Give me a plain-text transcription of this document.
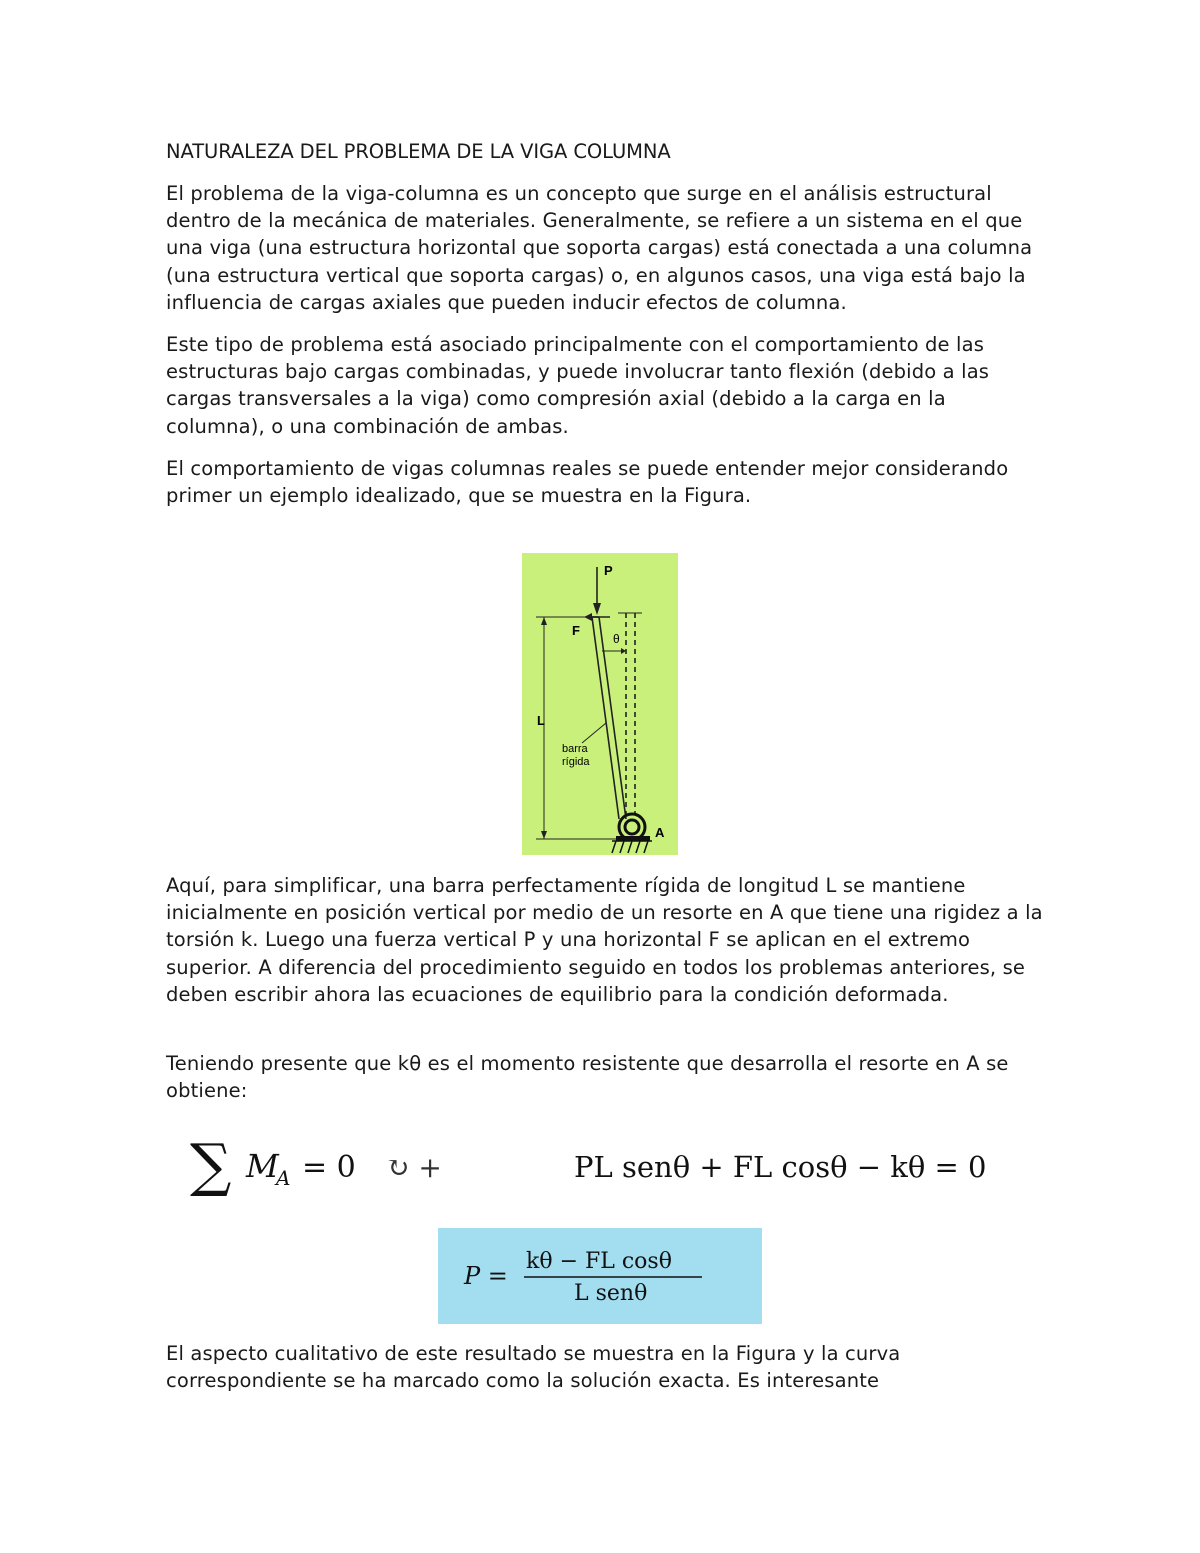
NATURALEZA DEL PROBLEMA DE LA VIGA COLUMNA

El problema de la viga-columna es un concepto que surge en el análisis estructural dentro de la mecánica de materiales. Generalmente, se refiere a un sistema en el que una viga (una estructura horizontal que soporta cargas) está conectada a una columna (una estructura vertical que soporta cargas) o, en algunos casos, una viga está bajo la influencia de cargas axiales que pueden inducir efectos de columna.

Este tipo de problema está asociado principalmente con el comportamiento de las estructuras bajo cargas combinadas, y puede involucrar tanto flexión (debido a las cargas transversales a la viga) como compresión axial (debido a la carga en la columna), o una combinación de ambas.

El comportamiento de vigas columnas reales se puede entender mejor considerando primer un ejemplo idealizado, que se muestra en la Figura.

P
F
θ
L
barra
rígida
A

Aquí, para simplificar, una barra perfectamente rígida de longitud L se mantiene inicialmente en posición vertical por medio de un resorte en A que tiene una rigidez a la torsión k. Luego una fuerza vertical P y una horizontal F se aplican en el extremo superior. A diferencia del procedimiento seguido en todos los problemas anteriores, se deben escribir ahora las ecuaciones de equilibrio para la condición deformada.

Teniendo presente que kθ es el momento resistente que desarrolla el resorte en A se obtiene:

∑ M
A = 0 ↻ +	PL senθ + FL cosθ − kθ = 0
P =
kθ − FL cosθ
L senθ

El aspecto cualitativo de este resultado se muestra en la Figura y la curva correspondiente se ha marcado como la solución exacta. Es interesante
